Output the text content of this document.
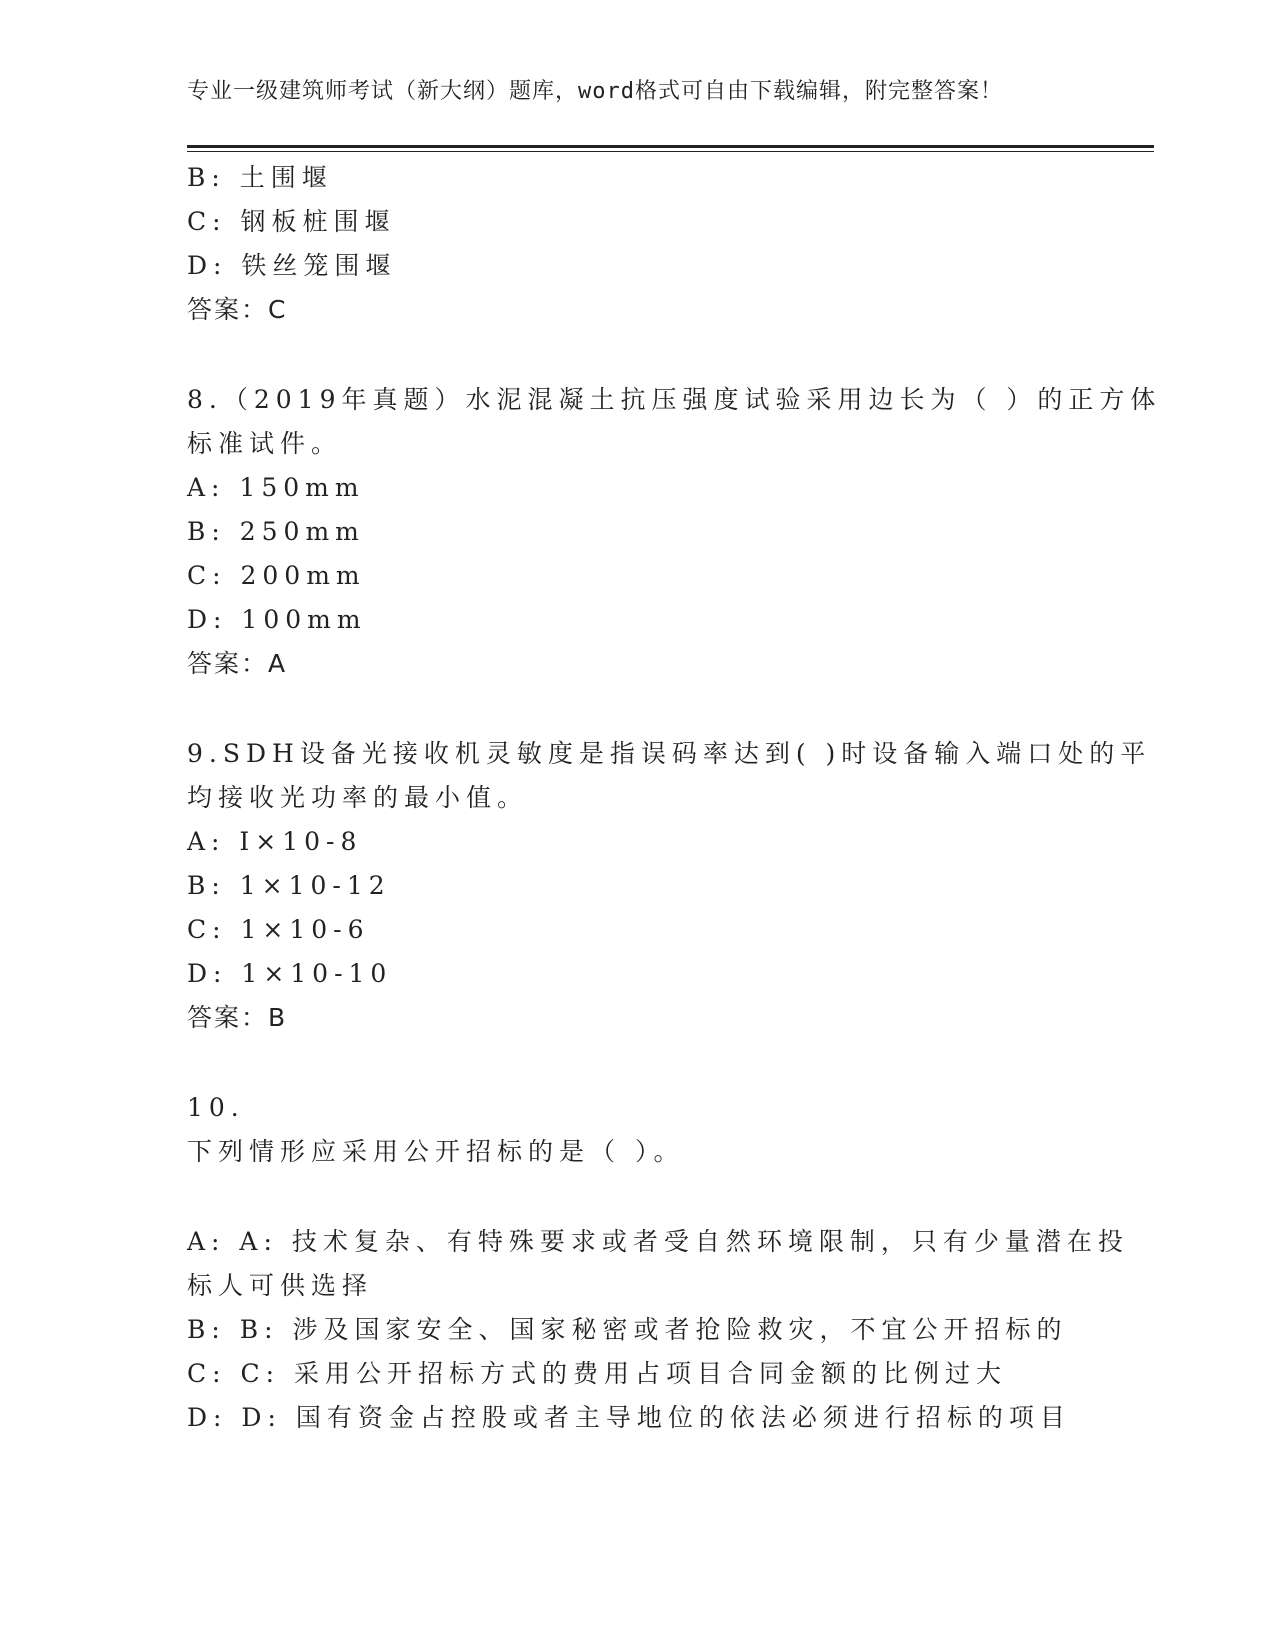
专业一级建筑师考试（新大纲）题库，word格式可自由下载编辑，附完整答案！
B: 土围堰
C: 钢板桩围堰
D: 铁丝笼围堰
答案：C
8.（2019年真题）水泥混凝土抗压强度试验采用边长为（ ）的正方体
标准试件。
A: 150mm
B: 250mm
C: 200mm
D: 100mm
答案：A
9.SDH设备光接收机灵敏度是指误码率达到( )时设备输入端口处的平
均接收光功率的最小值。
A: I×10-8
B: 1×10-12
C: 1×10-6
D: 1×10-10
答案：B
10.
下列情形应采用公开招标的是（ ）。
A: A: 技术复杂、有特殊要求或者受自然环境限制，只有少量潜在投
标人可供选择
B: B: 涉及国家安全、国家秘密或者抢险救灾，不宜公开招标的
C: C: 采用公开招标方式的费用占项目合同金额的比例过大
D: D: 国有资金占控股或者主导地位的依法必须进行招标的项目
